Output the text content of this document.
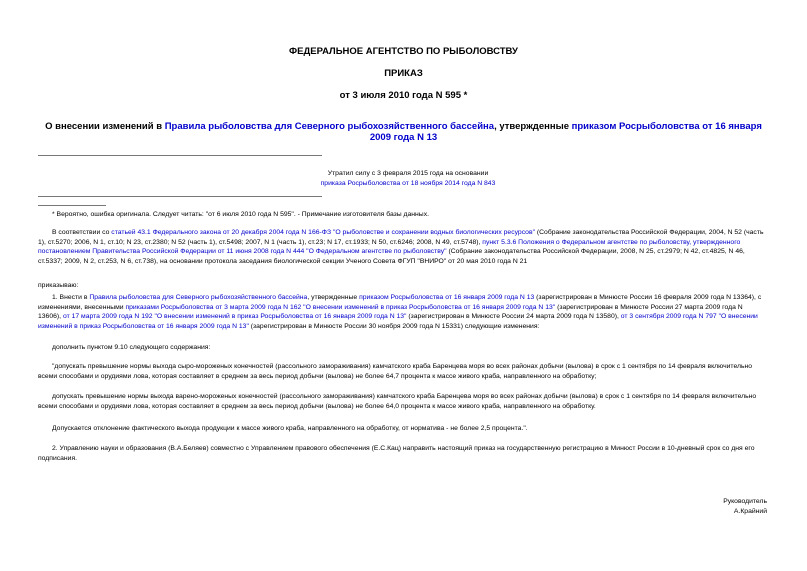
ФЕДЕРАЛЬНОЕ АГЕНТСТВО ПО РЫБОЛОВСТВУ
ПРИКАЗ
от 3 июля 2010 года N 595 *
О внесении изменений в Правила рыболовства для Северного рыбохозяйственного бассейна, утвержденные приказом Росрыболовства от 16 января 2009 года N 13
Утратил силу с 3 февраля 2015 года на основании
приказа Росрыболовства от 18 ноября 2014 года N 843
* Вероятно, ошибка оригинала. Следует читать: "от 6 июля 2010 года N 595". - Примечание изготовителя базы данных.
В соответствии со статьей 43.1 Федерального закона от 20 декабря 2004 года N 166-ФЗ "О рыболовстве и сохранении водных биологических ресурсов" (Собрание законодательства Российской Федерации, 2004, N 52 (часть 1), ст.5270; 2006, N 1, ст.10; N 23, ст.2380; N 52 (часть 1), ст.5498; 2007, N 1 (часть 1), ст.23; N 17, ст.1933; N 50, ст.6246; 2008, N 49, ст.5748), пункт 5.3.6 Положения о Федеральном агентстве по рыболовству, утвержденного постановлением Правительства Российской Федерации от 11 июня 2008 года N 444 "О Федеральном агентстве по рыболовству" (Собрание законодательства Российской Федерации, 2008, N 25, ст.2979; N 42, ст.4825, N 46, ст.5337; 2009, N 2, ст.253, N 6, ст.738), на основании протокола заседания биологической секции Ученого Совета ФГУП "ВНИРО" от 20 мая 2010 года N 21
приказываю:
1. Внести в Правила рыболовства для Северного рыбохозяйственного бассейна, утвержденные приказом Росрыболовства от 16 января 2009 года N 13 (зарегистрирован в Минюсте России 16 февраля 2009 года N 13364), с изменениями, внесенными приказами Росрыболовства от 3 марта 2009 года N 162 "О внесении изменений в приказ Росрыболовства от 16 января 2009 года N 13" (зарегистрирован в Минюсте России 27 марта 2009 года N 13606), от 17 марта 2009 года N 192 "О внесении изменений в приказ Росрыболовства от 16 января 2009 года N 13" (зарегистрирован в Минюсте России 24 марта 2009 года N 13580), от 3 сентября 2009 года N 797 "О внесении изменений в приказ Росрыболовства от 16 января 2009 года N 13" (зарегистрирован в Минюсте России 30 ноября 2009 года N 15331) следующие изменения:
дополнить пунктом 9.10 следующего содержания:
"допускать превышение нормы выхода сыро-мороженых конечностей (рассольного замораживания) камчатского краба Баренцева моря во всех районах добычи (вылова) в срок с 1 сентября по 14 февраля включительно всеми способами и орудиями лова, которая составляет в среднем за весь период добычи (вылова) не более 64,7 процента к массе живого краба, направленного на обработку;
допускать превышение нормы выхода варено-мороженых конечностей (рассольного замораживания) камчатского краба Баренцева моря во всех районах добычи (вылова) в срок с 1 сентября по 14 февраля включительно всеми способами и орудиями лова, которая составляет в среднем за весь период добычи (вылова) не более 64,0 процента к массе живого краба, направленного на обработку.
Допускается отклонение фактического выхода продукции к массе живого краба, направленного на обработку, от норматива - не более 2,5 процента.".
2. Управлению науки и образования (В.А.Беляев) совместно с Управлением правового обеспечения (Е.С.Кац) направить настоящий приказ на государственную регистрацию в Минюст России в 10-дневный срок со дня его подписания.
Руководитель
А.Крайний
